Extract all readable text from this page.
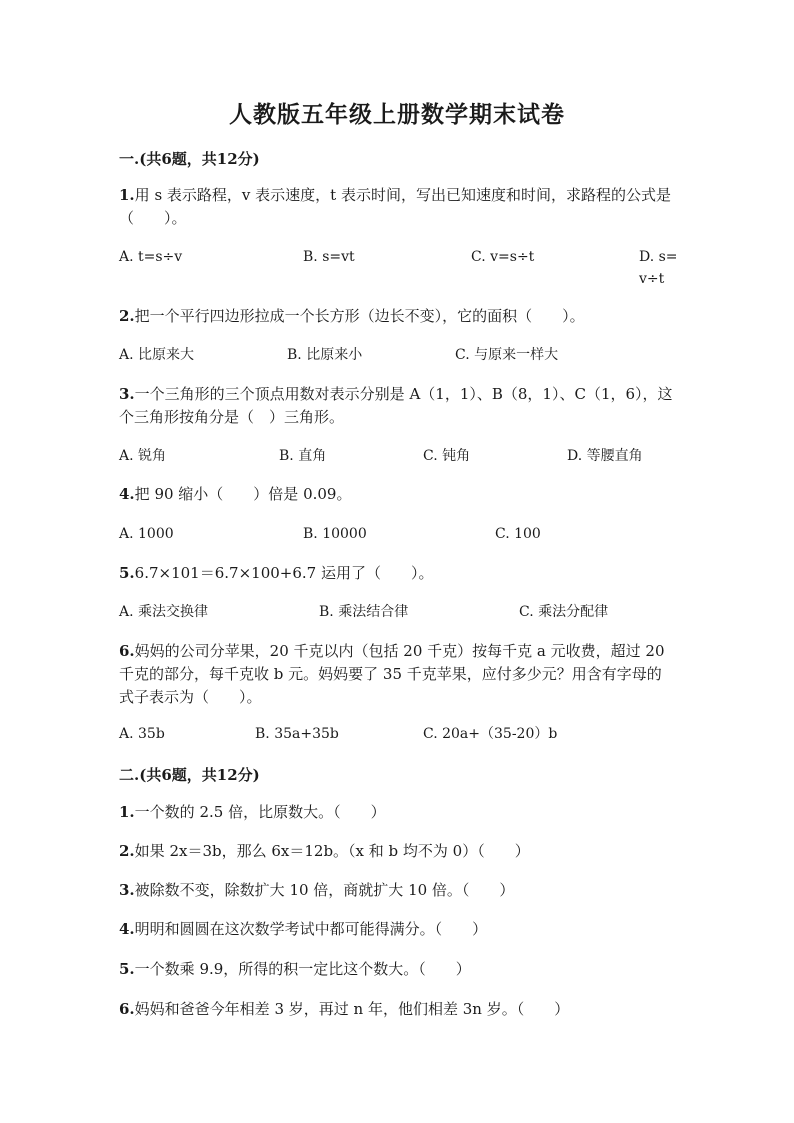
人教版五年级上册数学期末试卷
一.(共6题，共12分)
1.用 s 表示路程，v 表示速度，t 表示时间，写出已知速度和时间，求路程的公式是（　　）。
A. t=s÷v	B. s=vt	C. v=s÷t	D. s=v÷t
2.把一个平行四边形拉成一个长方形（边长不变），它的面积（　　）。
A. 比原来大	B. 比原来小	C. 与原来一样大
3.一个三角形的三个顶点用数对表示分别是 A（1，1）、B（8，1）、C（1，6），这个三角形按角分是（　）三角形。
A. 锐角	B. 直角	C. 钝角	D. 等腰直角
4.把 90 缩小（　　）倍是 0.09。
A. 1000	B. 10000	C. 100
5.6.7×101＝6.7×100+6.7 运用了（　　）。
A. 乘法交换律	B. 乘法结合律	C. 乘法分配律
6.妈妈的公司分苹果，20 千克以内（包括 20 千克）按每千克 a 元收费，超过 20 千克的部分，每千克收 b 元。妈妈要了 35 千克苹果，应付多少元？用含有字母的式子表示为（　　）。
A. 35b	B. 35a+35b	C. 20a+（35-20）b
二.(共6题，共12分)
1.一个数的 2.5 倍，比原数大。（　　）
2.如果 2x＝3b，那么 6x＝12b。（x 和 b 均不为 0）（　　）
3.被除数不变，除数扩大 10 倍，商就扩大 10 倍。（　　）
4.明明和圆圆在这次数学考试中都可能得满分。（　　）
5.一个数乘 9.9，所得的积一定比这个数大。（　　）
6.妈妈和爸爸今年相差 3 岁，再过 n 年，他们相差 3n 岁。（　　）
